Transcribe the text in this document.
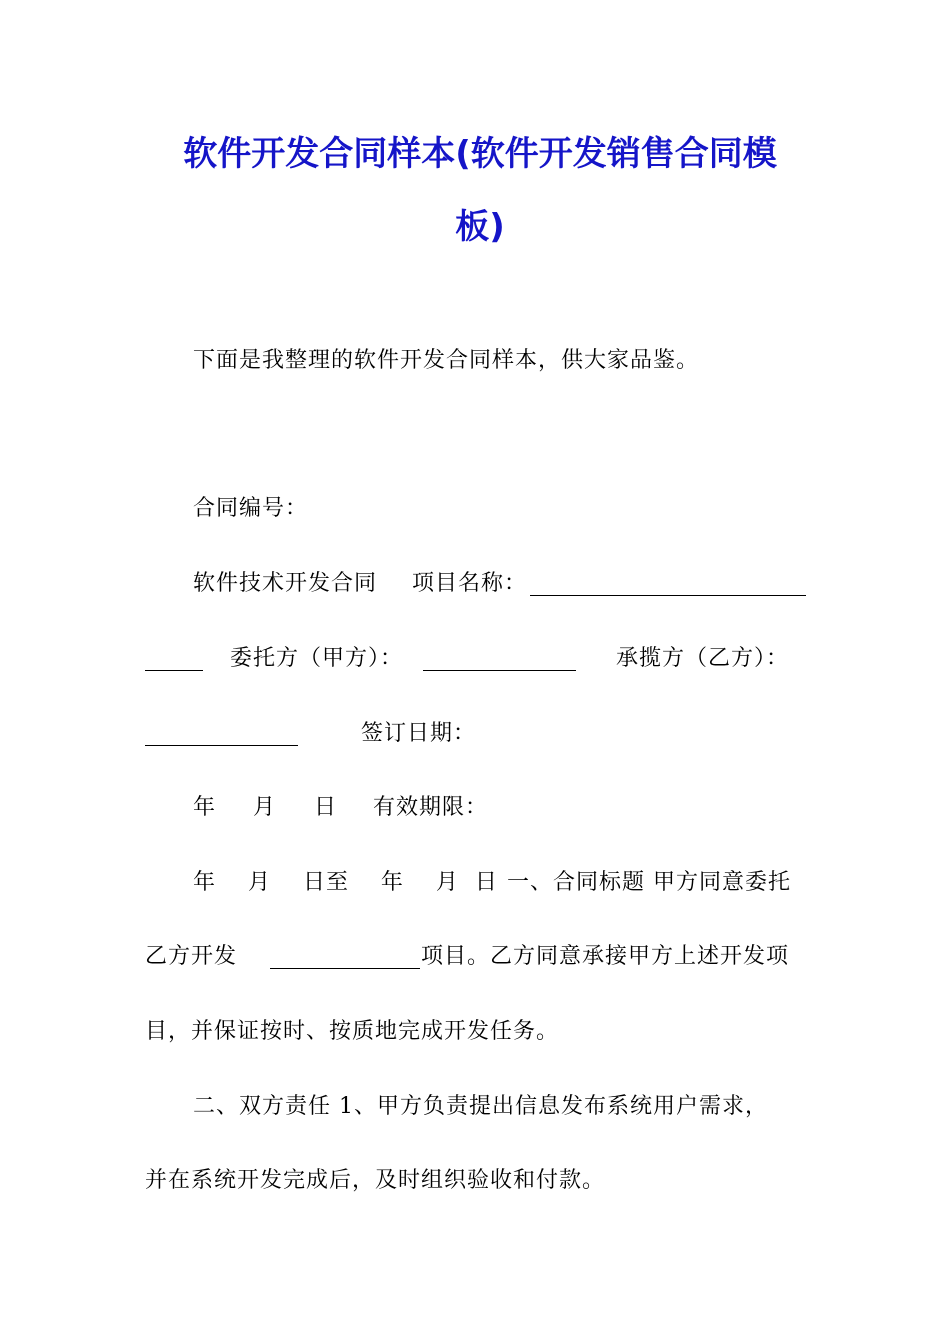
软件开发合同样本(软件开发销售合同模
板)
下面是我整理的软件开发合同样本，供大家品鉴。
合同编号：
软件技术开发合同 项目名称：
委托方（甲方）：	承揽方（乙方）：
签订日期：
年 月 日 有效期限：
年    月    日至    年    月  日 一、合同标题 甲方同意委托
乙方开发	项目。乙方同意承接甲方上述开发项
目，并保证按时、按质地完成开发任务。
二、双方责任 1、甲方负责提出信息发布系统用户需求，
并在系统开发完成后，及时组织验收和付款。
